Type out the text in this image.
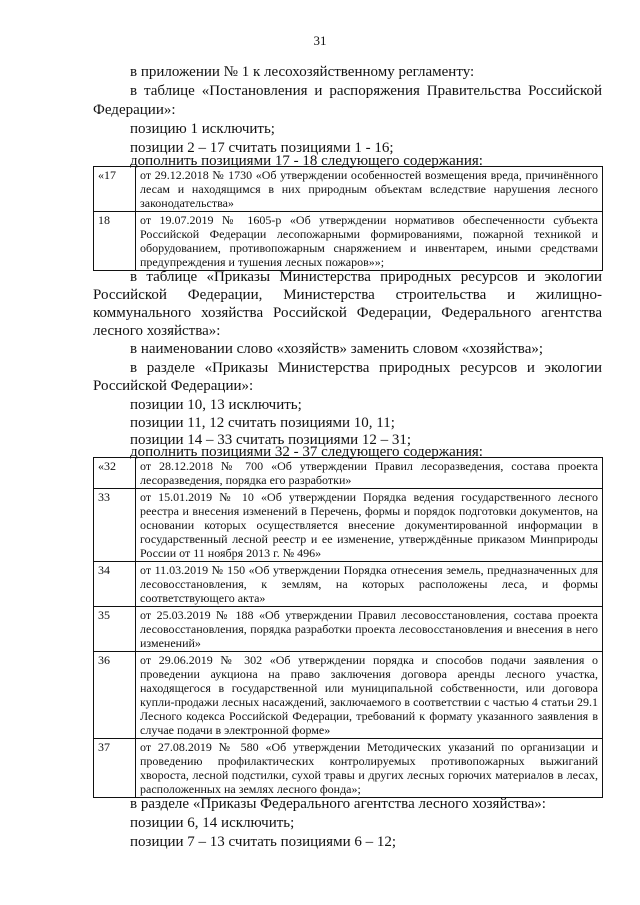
31
в приложении № 1 к лесохозяйственному регламенту:
в таблице «Постановления и распоряжения Правительства Российской
Федерации»:
позицию 1 исключить;
позиции 2 – 17 считать позициями 1 - 16;
дополнить позициями 17 - 18 следующего содержания:
«17	от 29.12.2018 № 1730 «Об утверждении особенностей возмещения вреда, причинённого лесам и находящимся в них природным объектам вследствие нарушения лесного законодательства»
18	от 19.07.2019 № 1605-р «Об утверждении нормативов обеспеченности субъекта Российской Федерации лесопожарными формированиями, пожарной техникой и оборудованием, противопожарным снаряжением и инвентарем, иными средствами предупреждения и тушения лесных пожаров»»;
в таблице «Приказы Министерства природных ресурсов и экологии
Российской Федерации, Министерства строительства и жилищно-
коммунального хозяйства Российской Федерации, Федерального агентства
лесного хозяйства»:
в наименовании слово «хозяйств» заменить словом «хозяйства»;
в разделе «Приказы Министерства природных ресурсов и экологии
Российской Федерации»:
позиции 10, 13 исключить;
позиции 11, 12 считать позициями 10, 11;
позиции 14 – 33 считать позициями 12 – 31;
дополнить позициями 32 - 37 следующего содержания:
«32	от 28.12.2018 № 700 «Об утверждении Правил лесоразведения, состава проекта лесоразведения, порядка его разработки»
33	от 15.01.2019 № 10 «Об утверждении Порядка ведения государственного лесного реестра и внесения изменений в Перечень, формы и порядок подготовки документов, на основании которых осуществляется внесение документированной информации в государственный лесной реестр и ее изменение, утверждённые приказом Минприроды России от 11 ноября 2013 г. № 496»
34	от 11.03.2019 № 150 «Об утверждении Порядка отнесения земель, предназначенных для лесовосстановления, к землям, на которых расположены леса, и формы соответствующего акта»
35	от 25.03.2019 № 188 «Об утверждении Правил лесовосстановления, состава проекта лесовосстановления, порядка разработки проекта лесовосстановления и внесения в него изменений»
36	от 29.06.2019 № 302 «Об утверждении порядка и способов подачи заявления о проведении аукциона на право заключения договора аренды лесного участка, находящегося в государственной или муниципальной собственности, или договора купли-продажи лесных насаждений, заключаемого в соответствии с частью 4 статьи 29.1 Лесного кодекса Российской Федерации, требований к формату указанного заявления в случае подачи в электронной форме»
37	от 27.08.2019 № 580 «Об утверждении Методических указаний по организации и проведению профилактических контролируемых противопожарных выжиганий хвороста, лесной подстилки, сухой травы и других лесных горючих материалов в лесах, расположенных на землях лесного фонда»;
в разделе «Приказы Федерального агентства лесного хозяйства»:
позиции 6, 14 исключить;
позиции 7 – 13 считать позициями 6 – 12;
